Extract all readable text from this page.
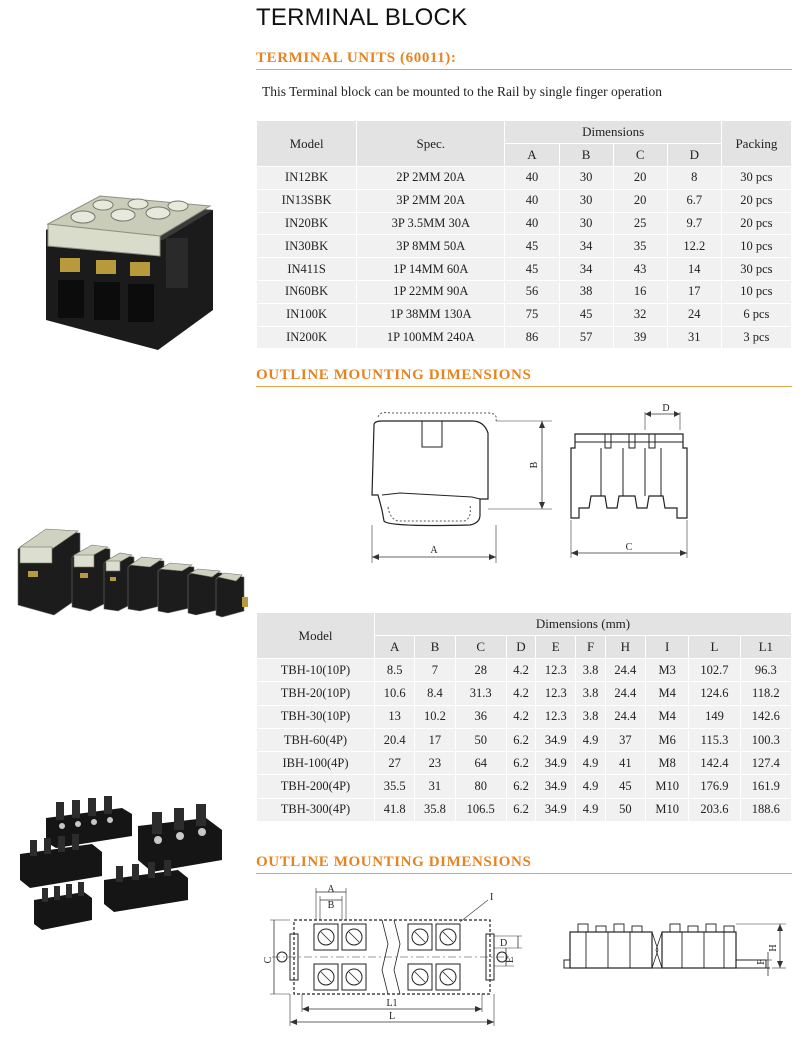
TERMINAL BLOCK
TERMINAL UNITS (60011):
This Terminal block can be mounted to the Rail by single finger operation
Model	Spec.	Dimensions				Packing
		A	B	C	D	
IN12BK	2P 2MM 20A	40	30	20	8	30 pcs
IN13SBK	3P 2MM 20A	40	30	20	6.7	20 pcs
IN20BK	3P 3.5MM 30A	40	30	25	9.7	20 pcs
IN30BK	3P 8MM 50A	45	34	35	12.2	10 pcs
IN411S	1P 14MM 60A	45	34	43	14	30 pcs
IN60BK	1P 22MM 90A	56	38	16	17	10 pcs
IN100K	1P 38MM 130A	75	45	32	24	6 pcs
IN200K	1P 100MM 240A	86	57	39	31	3 pcs
OUTLINE MOUNTING DIMENSIONS
B
A
D
C
Model	Dimensions (mm)									
	A	B	C	D	E	F	H	I	L	L1
TBH-10(10P)	8.5	7	28	4.2	12.3	3.8	24.4	M3	102.7	96.3
TBH-20(10P)	10.6	8.4	31.3	4.2	12.3	3.8	24.4	M4	124.6	118.2
TBH-30(10P)	13	10.2	36	4.2	12.3	3.8	24.4	M4	149	142.6
TBH-60(4P)	20.4	17	50	6.2	34.9	4.9	37	M6	115.3	100.3
IBH-100(4P)	27	23	64	6.2	34.9	4.9	41	M8	142.4	127.4
TBH-200(4P)	35.5	31	80	6.2	34.9	4.9	45	M10	176.9	161.9
TBH-300(4P)	41.8	35.8	106.5	6.2	34.9	4.9	50	M10	203.6	188.6
OUTLINE MOUNTING DIMENSIONS
A
B
I
C
D
E
L1
L
H
F
